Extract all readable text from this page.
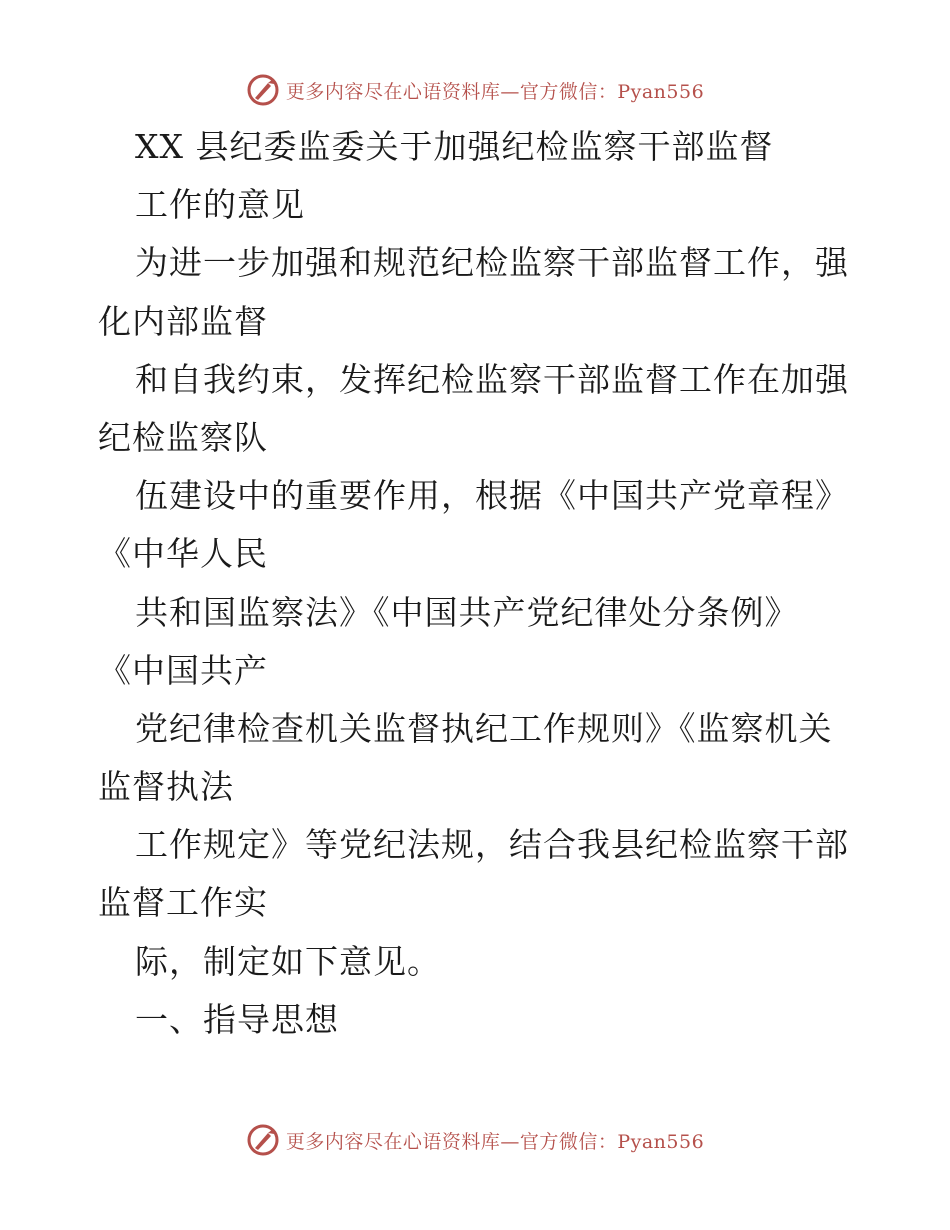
更多内容尽在心语资料库—官方微信：Pyan556
XX 县纪委监委关于加强纪检监察干部监督
工作的意见
为进一步加强和规范纪检监察干部监督工作，强
化内部监督
和自我约束，发挥纪检监察干部监督工作在加强
纪检监察队
伍建设中的重要作用，根据《中国共产党章程》
《中华人民
共和国监察法》《中国共产党纪律处分条例》
《中国共产
党纪律检查机关监督执纪工作规则》《监察机关
监督执法
工作规定》等党纪法规，结合我县纪检监察干部
监督工作实
际，制定如下意见。
一、指导思想
更多内容尽在心语资料库—官方微信：Pyan556
